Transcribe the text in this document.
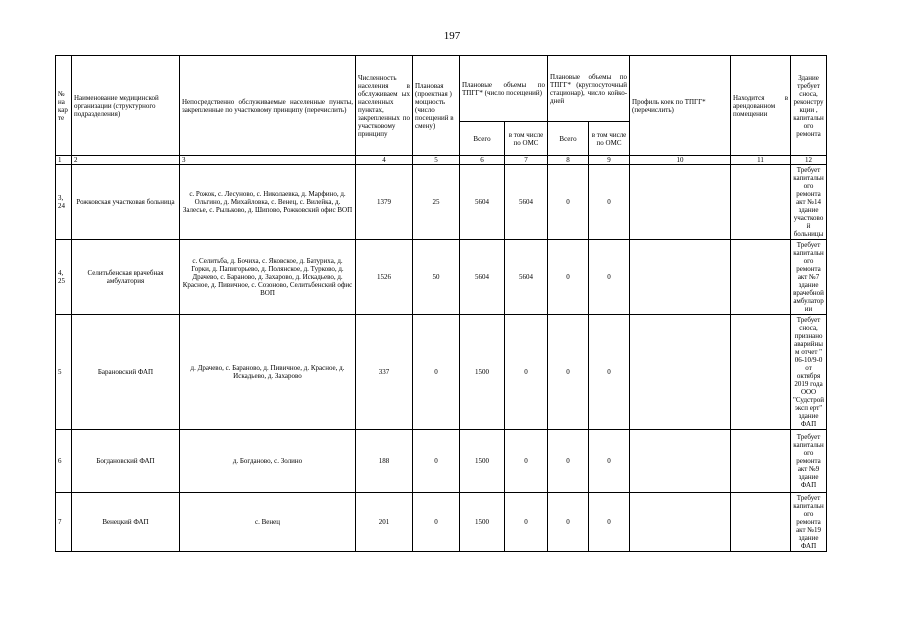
197
№ на кар те	Наименование медицинской организации (структурного подразделения)	Непосредственно обслуживаемые населенные пункты, закрепленные по участковому принципу (перечислить)	Численность населения в обслуживаем ых населенных пунктах, закрепленных по участковому принципу	Плановая (проектная ) мощность (число посещений в смену)	Плановые объемы по ТПГГ* (число посещений)		Плановые объемы по ТПГГ* (круглосуточный стационар), число койко-дней		Профиль коек по ТПГГ* (перечислить)	Находится в арендованном помещении	Здание требует сноса, реконструкции , капитального ремонта
					Всего	в том числе по ОМС	Всего	в том числе по ОМС			
1	2	3	4	5	6	7	8	9	10	11	12
3, 24	Рожковская участковая больница	с. Рожок, с. Лесуново, с. Николаевка, д. Марфино, д. Ольгино, д. Михайловка, с. Венец, с. Вилейка, д. Залесье, с. Рыльково, д. Шипово, Рожковский офис ВОП	1379	25	5604	5604	0	0			Требует капитального ремонта акт №14 здание участковой больницы
4, 25	Селитьбенская врачебная амбулатория	с. Селитьба, д. Бочиха, с. Яковское, д. Батуриха, д. Горки, д. Папигорьево, д. Полянское, д. Турково, д. Драчево, с. Бараново, д. Захарово, д. Искадьево, д. Красное, д. Пивичное, с. Созоново, Селитьбенский офис ВОП	1526	50	5604	5604	0	0			Требует капитального ремонта акт №7 здание врачебной амбулатории
5	Барановский ФАП	д. Драчево, с. Бараново, д. Пивичное, д. Красное, д. Искадьево, д. Захарово	337	0	1500	0	0	0			Требует сноса, признано аварийным отчет " 06-10/9-0 от октября 2019 года ООО "Судстройэксп ерт" здание ФАП
6	Богдановский ФАП	д. Богданово, с. Золино	188	0	1500	0	0	0			Требует капитального ремонта акт №9 здание ФАП
7	Венецкий ФАП	с. Венец	201	0	1500	0	0	0			Требует капитального ремонта акт №19 здание ФАП
